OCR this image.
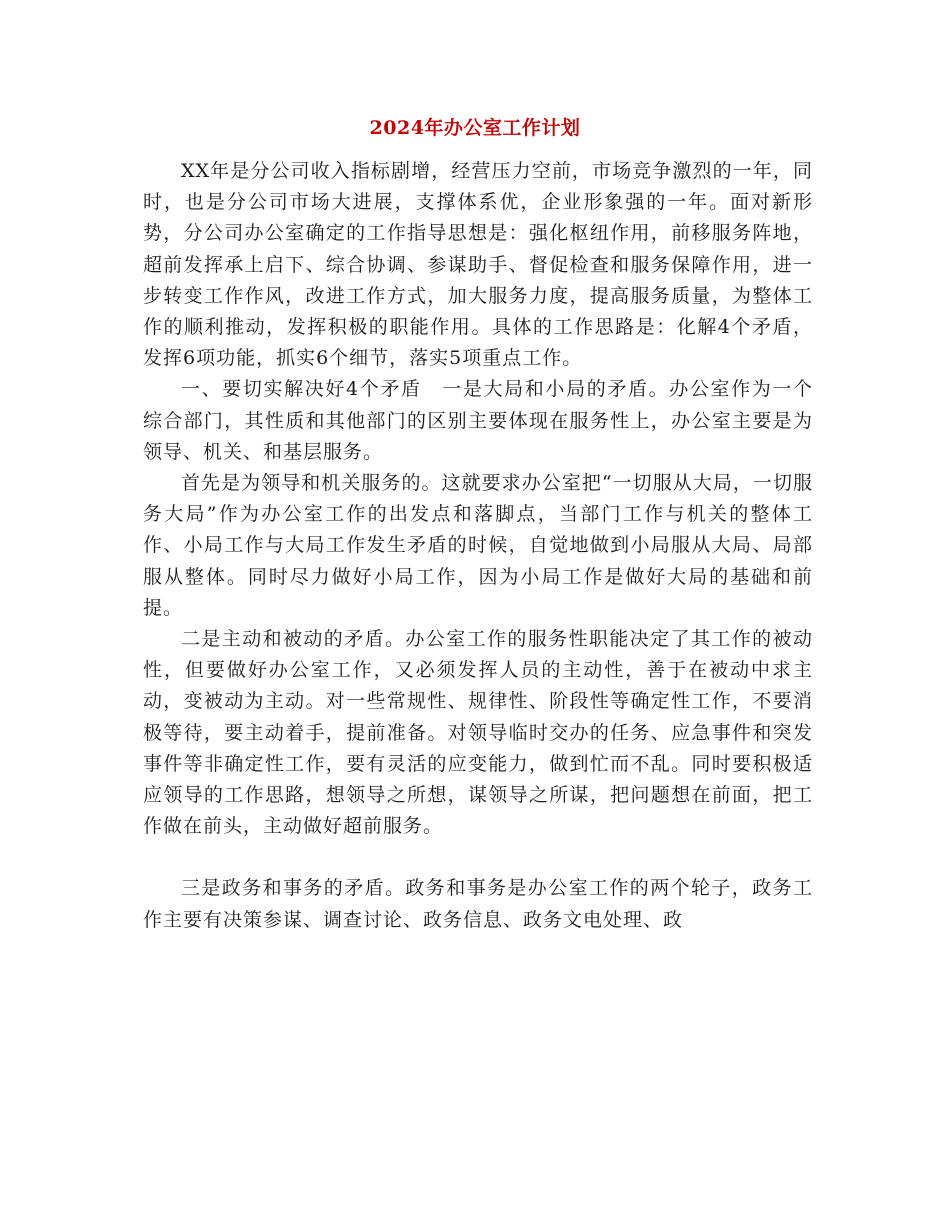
2024年办公室工作计划

XX年是分公司收入指标剧增，经营压力空前，市场竞争激烈的一年，同时，也是分公司市场大进展，支撑体系优，企业形象强的一年。面对新形势，分公司办公室确定的工作指导思想是：强化枢纽作用，前移服务阵地，超前发挥承上启下、综合协调、参谋助手、督促检查和服务保障作用，进一步转变工作作风，改进工作方式，加大服务力度，提高服务质量，为整体工作的顺利推动，发挥积极的职能作用。具体的工作思路是：化解4个矛盾，发挥6项功能，抓实6个细节，落实5项重点工作。

一、要切实解决好4个矛盾　一是大局和小局的矛盾。办公室作为一个综合部门，其性质和其他部门的区别主要体现在服务性上，办公室主要是为领导、机关、和基层服务。

首先是为领导和机关服务的。这就要求办公室把“一切服从大局，一切服务大局”作为办公室工作的出发点和落脚点，当部门工作与机关的整体工作、小局工作与大局工作发生矛盾的时候，自觉地做到小局服从大局、局部服从整体。同时尽力做好小局工作，因为小局工作是做好大局的基础和前提。

二是主动和被动的矛盾。办公室工作的服务性职能决定了其工作的被动性，但要做好办公室工作，又必须发挥人员的主动性，善于在被动中求主动，变被动为主动。对一些常规性、规律性、阶段性等确定性工作，不要消极等待，要主动着手，提前准备。对领导临时交办的任务、应急事件和突发事件等非确定性工作，要有灵活的应变能力，做到忙而不乱。同时要积极适应领导的工作思路，想领导之所想，谋领导之所谋，把问题想在前面，把工作做在前头，主动做好超前服务。

三是政务和事务的矛盾。政务和事务是办公室工作的两个轮子，政务工作主要有决策参谋、调查讨论、政务信息、政务文电处理、政
